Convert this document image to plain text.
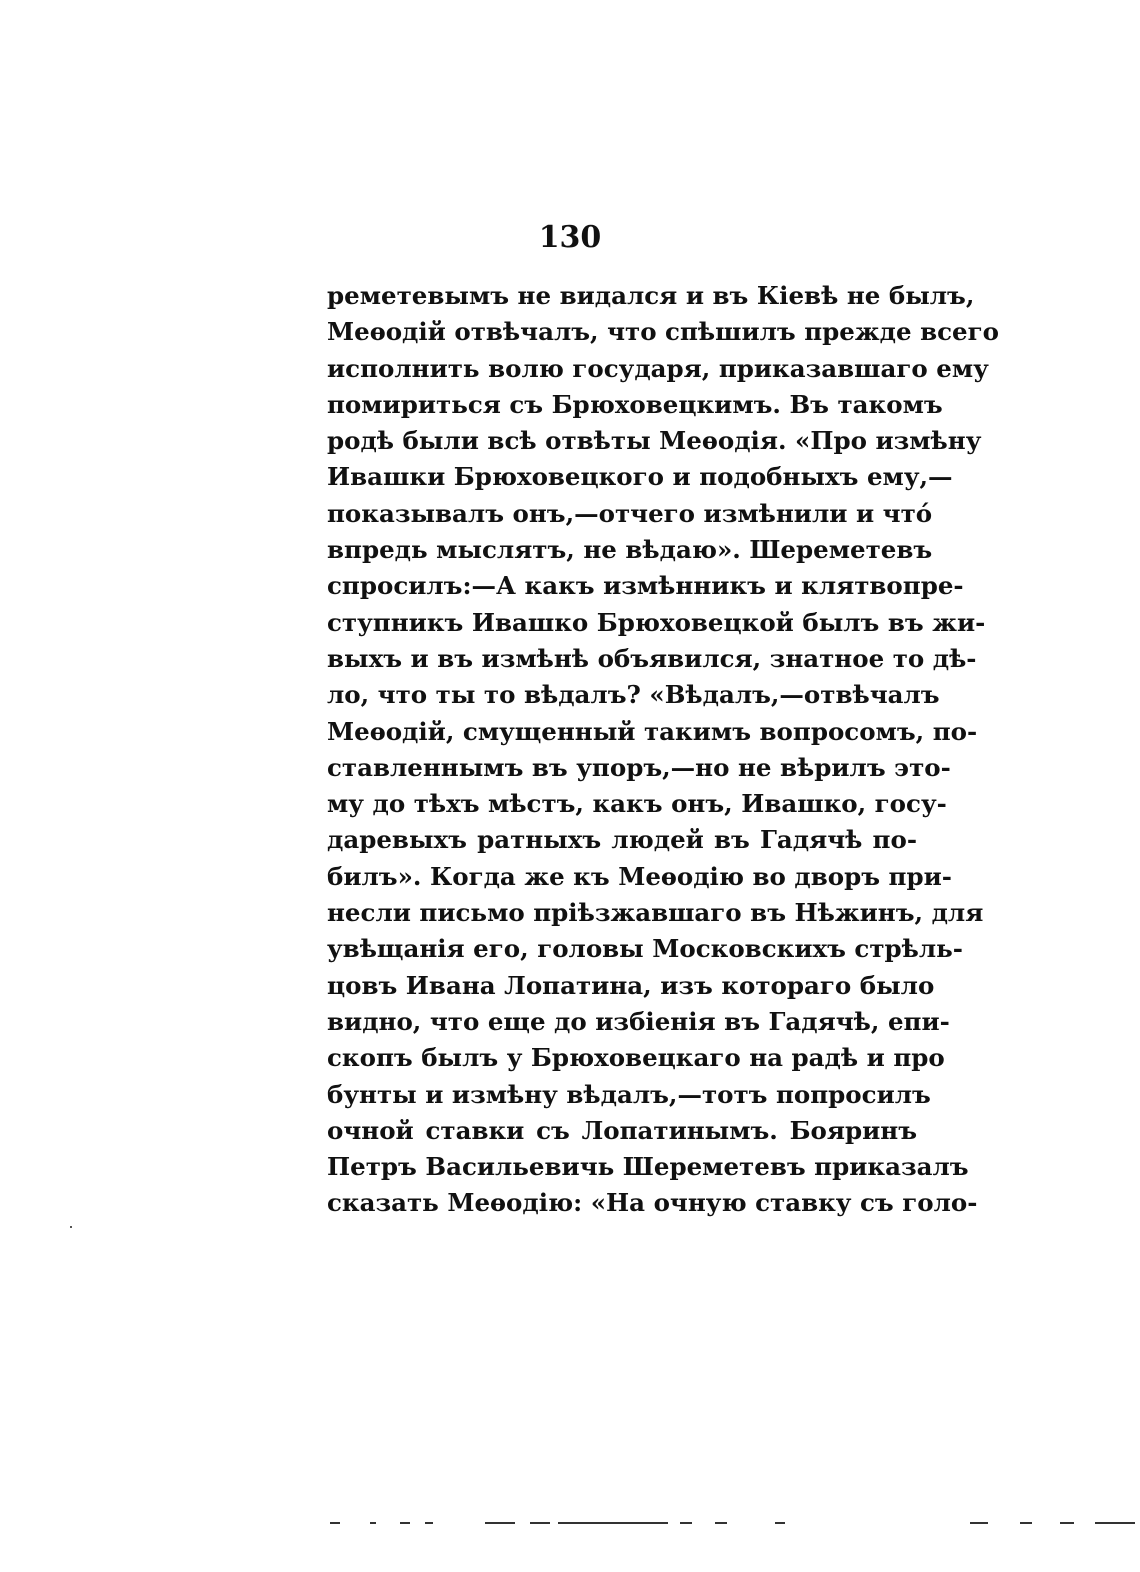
130
реметевымъ не видался и въ Кіевѣ не былъ,
Меѳодій отвѣчалъ, что спѣшилъ прежде всего
исполнить волю государя, приказавшаго ему
помириться съ Брюховецкимъ. Въ такомъ
родѣ были всѣ отвѣты Меѳодія. «Про измѣну
Ивашки Брюховецкого и подобныхъ ему,—
показывалъ онъ,—отчего измѣнили и что́
впредь мыслятъ, не вѣдаю». Шереметевъ
спросилъ:—А какъ измѣнникъ и клятвопре-
ступникъ Ивашко Брюховецкой былъ въ жи-
выхъ и въ измѣнѣ объявился, знатное то дѣ-
ло, что ты то вѣдалъ? «Вѣдалъ,—отвѣчалъ
Меѳодій, смущенный такимъ вопросомъ, по-
ставленнымъ въ упоръ,—но не вѣрилъ это-
му до тѣхъ мѣстъ, какъ онъ, Ивашко, госу-
даревыхъ ратныхъ людей въ Гадячѣ по-
билъ». Когда же къ Меѳодію во дворъ при-
несли письмо пріѣзжавшаго въ Нѣжинъ, для
увѣщанія его, головы Московскихъ стрѣль-
цовъ Ивана Лопатина, изъ котораго было
видно, что еще до избіенія въ Гадячѣ, епи-
скопъ былъ у Брюховецкаго на радѣ и про
бунты и измѣну вѣдалъ,—тотъ попросилъ
очной ставки съ Лопатинымъ. Бояринъ
Петръ Васильевичь Шереметевъ приказалъ
сказать Меѳодію: «На очную ставку съ голо-
